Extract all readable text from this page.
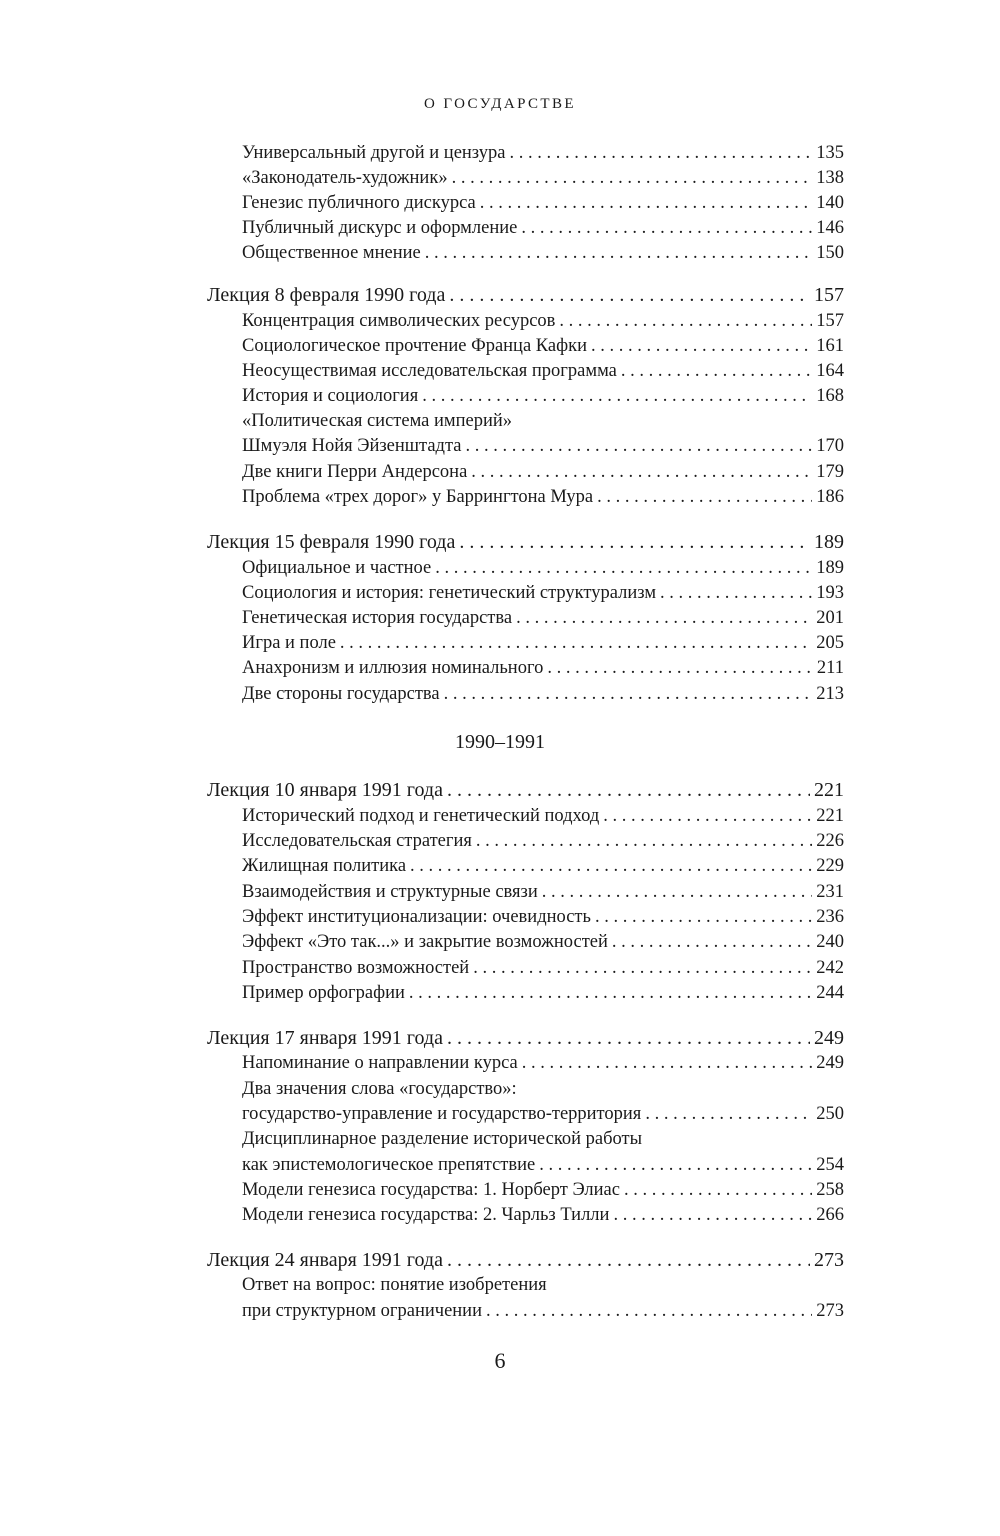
О ГОСУДАРСТВЕ
Универсальный другой и цензура . . .	135
«Законодатель-художник» . . .	138
Генезис публичного дискурса . . .	140
Публичный дискурс и оформление . . .	146
Общественное мнение . . .	150
Лекция 8 февраля 1990 года . . .	157
Концентрация символических ресурсов . . .	157
Социологическое прочтение Франца Кафки . . .	161
Неосуществимая исследовательская программа . . .	164
История и социология . . .	168
«Политическая система империй»
Шмуэля Нойя Эйзенштадта . . .	170
Две книги Перри Андерсона . . .	179
Проблема «трех дорог» у Баррингтона Мура . . .	186
Лекция 15 февраля 1990 года . . .	189
Официальное и частное . . .	189
Социология и история: генетический структурализм . . .	193
Генетическая история государства . . .	201
Игра и поле . . .	205
Анахронизм и иллюзия номинального . . .	211
Две стороны государства . . .	213
1990–1991
Лекция 10 января 1991 года . . .	221
Исторический подход и генетический подход . . .	221
Исследовательская стратегия . . .	226
Жилищная политика . . .	229
Взаимодействия и структурные связи . . .	231
Эффект институционализации: очевидность . . .	236
Эффект «Это так...» и закрытие возможностей . . .	240
Пространство возможностей . . .	242
Пример орфографии . . .	244
Лекция 17 января 1991 года . . .	249
Напоминание о направлении курса . . .	249
Два значения слова «государство»:
государство-управление и государство-территория . . .	250
Дисциплинарное разделение исторической работы
как эпистемологическое препятствие . . .	254
Модели генезиса государства: 1. Норберт Элиас . . .	258
Модели генезиса государства: 2. Чарльз Тилли . . .	266
Лекция 24 января 1991 года . . .	273
Ответ на вопрос: понятие изобретения
при структурном ограничении . . .	273
6
